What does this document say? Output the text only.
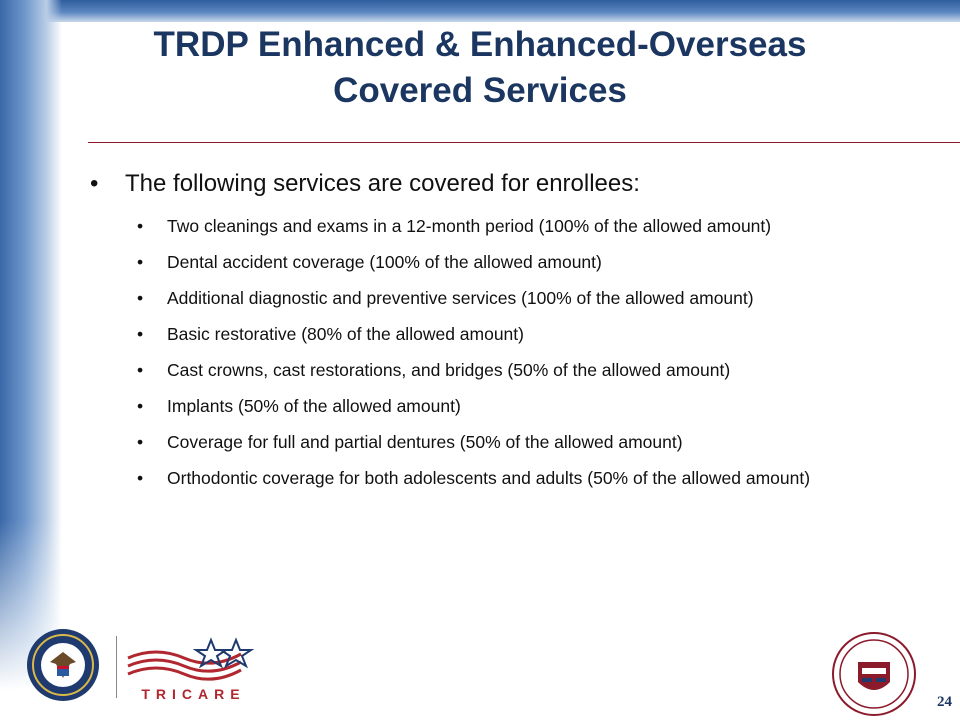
TRDP Enhanced & Enhanced-Overseas
Covered Services
• The following services are covered for enrollees:
• Two cleanings and exams in a 12-month period (100% of the allowed amount)
• Dental accident coverage (100% of the allowed amount)
• Additional diagnostic and preventive services (100% of the allowed amount)
• Basic restorative (80% of the allowed amount)
• Cast crowns, cast restorations, and bridges (50% of the allowed amount)
• Implants (50% of the allowed amount)
• Coverage for full and partial dentures (50% of the allowed amount)
• Orthodontic coverage for both adolescents and adults (50% of the allowed amount)
TRICARE	24
